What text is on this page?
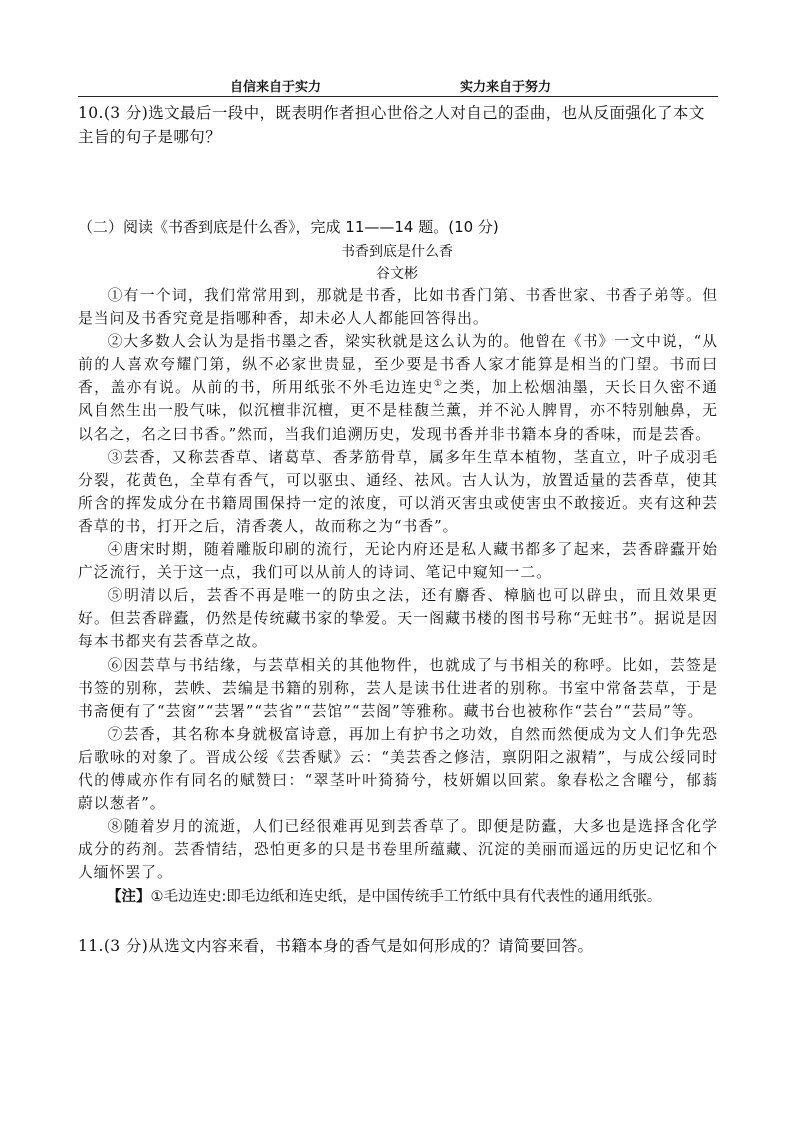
自信来自于实力	实力来自于努力
10.(3 分)选文最后一段中，既表明作者担心世俗之人对自己的歪曲，也从反面强化了本文主旨的句子是哪句？
（二）阅读《书香到底是什么香》，完成 11——14 题。(10 分)
书香到底是什么香
谷文彬

①有一个词，我们常常用到，那就是书香，比如书香门第、书香世家、书香子弟等。但是当问及书香究竟是指哪种香，却未必人人都能回答得出。

②大多数人会认为是指书墨之香，梁实秋就是这么认为的。他曾在《书》一文中说，“从前的人喜欢夸耀门第，纵不必家世贵显，至少要是书香人家才能算是相当的门望。书而曰香，盖亦有说。从前的书，所用纸张不外毛边连史①之类，加上松烟油墨，天长日久密不通风自然生出一股气味，似沉檀非沉檀，更不是桂馥兰薰，并不沁人脾胃，亦不特别触鼻，无以名之，名之曰书香。”然而，当我们追溯历史，发现书香并非书籍本身的香味，而是芸香。

③芸香，又称芸香草、诸葛草、香茅筋骨草，属多年生草本植物，茎直立，叶子成羽毛分裂，花黄色，全草有香气，可以驱虫、通经、祛风。古人认为，放置适量的芸香草，使其所含的挥发成分在书籍周围保持一定的浓度，可以消灭害虫或使害虫不敢接近。夹有这种芸香草的书，打开之后，清香袭人，故而称之为“书香”。

④唐宋时期，随着雕版印刷的流行，无论内府还是私人藏书都多了起来，芸香辟蠹开始广泛流行，关于这一点，我们可以从前人的诗词、笔记中窥知一二。

⑤明清以后，芸香不再是唯一的防虫之法，还有麝香、樟脑也可以辟虫，而且效果更好。但芸香辟蠹，仍然是传统藏书家的挚爱。天一阁藏书楼的图书号称“无蛀书”。据说是因每本书都夹有芸香草之故。

⑥因芸草与书结缘，与芸草相关的其他物件，也就成了与书相关的称呼。比如，芸签是书签的别称，芸帙、芸编是书籍的别称，芸人是读书仕进者的别称。书室中常备芸草，于是书斋便有了“芸窗”“芸署”“芸省”“芸馆”“芸阁”等雅称。藏书台也被称作“芸台”“芸局”等。

⑦芸香，其名称本身就极富诗意，再加上有护书之功效，自然而然便成为文人们争先恐后歌咏的对象了。晋成公绥《芸香赋》云：“美芸香之修洁，禀阴阳之淑精”，与成公绥同时代的傅咸亦作有同名的赋赞曰：“翠茎叶叶猗猗兮，枝妍媚以回萦。象春松之含曜兮，郁蓊蔚以葱者”。

⑧随着岁月的流逝，人们已经很难再见到芸香草了。即便是防蠹，大多也是选择含化学成分的药剂。芸香情结，恐怕更多的只是书卷里所蕴藏、沉淀的美丽而遥远的历史记忆和个人缅怀罢了。

【注】①毛边连史:即毛边纸和连史纸，是中国传统手工竹纸中具有代表性的通用纸张。
11.(3 分)从选文内容来看，书籍本身的香气是如何形成的？请简要回答。
